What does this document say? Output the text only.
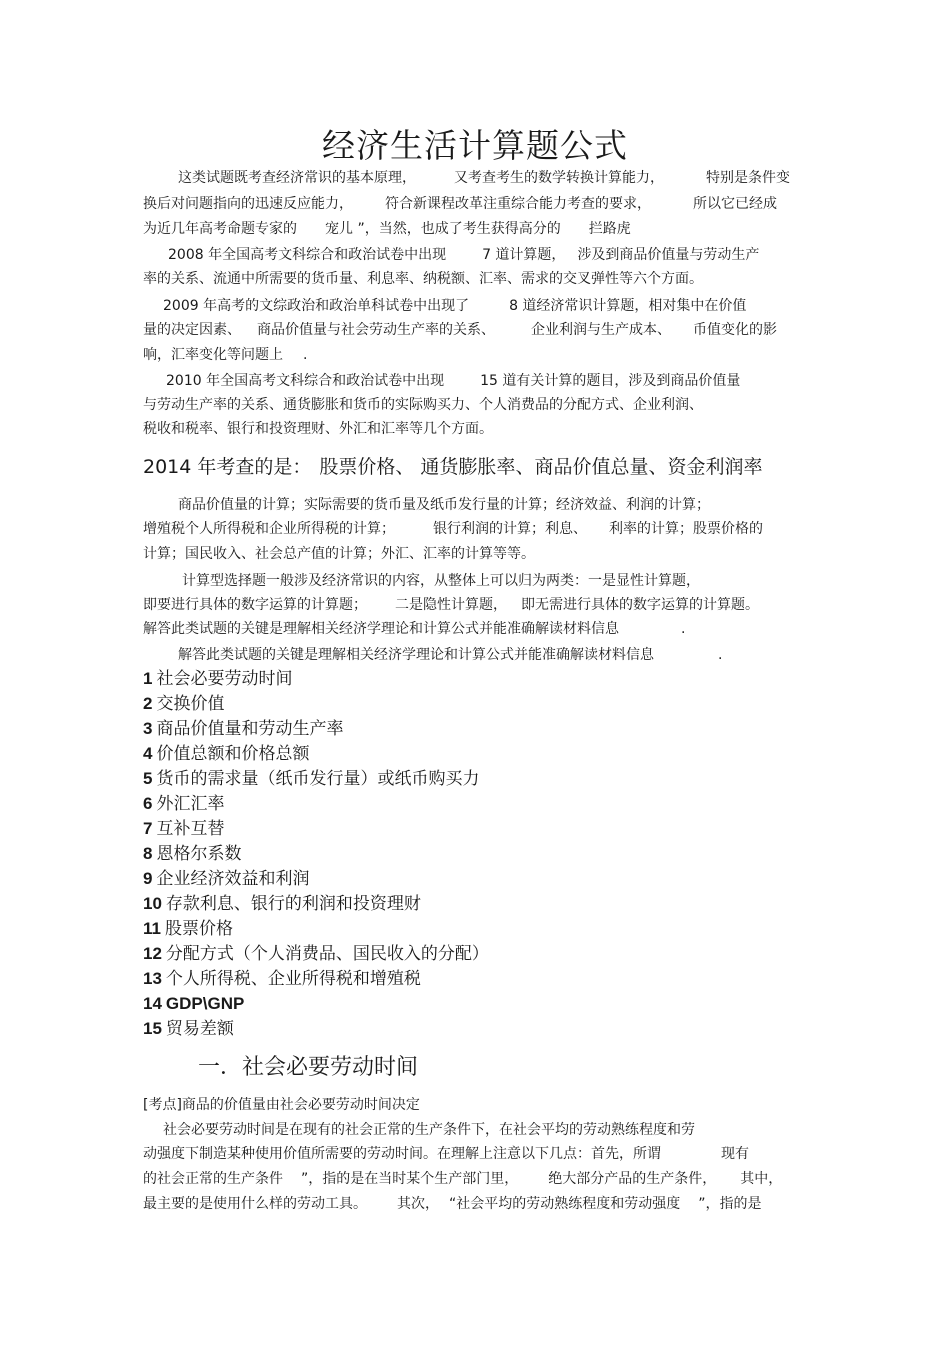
经济生活计算题公式
这类试题既考查经济常识的基本原理，	又考查考生的数学转换计算能力，	特别是条件变
换后对问题指向的迅速反应能力， 符合新课程改革注重综合能力考查的要求，	所以它已经成
为近几年高考命题专家的 宠儿 ”，当然，也成了考生获得高分的 拦路虎
2008 年全国高考文科综合和政治试卷中出现	7 道计算题， 涉及到商品价值量与劳动生产
率的关系、流通中所需要的货币量、利息率、纳税额、汇率、需求的交叉弹性等六个方面。
2009 年高考的文综政治和政治单科试卷中出现了	8 道经济常识计算题，相对集中在价值
量的决定因素、 商品价值量与社会劳动生产率的关系、	企业利润与生产成本、 币值变化的影
响，汇率变化等问题上 .
2010 年全国高考文科综合和政治试卷中出现	15 道有关计算的题目，涉及到商品价值量
与劳动生产率的关系、通货膨胀和货币的实际购买力、个人消费品的分配方式、企业利润、
税收和税率、银行和投资理财、外汇和汇率等几个方面。
2014 年考查的是： 股票价格、 通货膨胀率、商品价值总量、资金利润率
商品价值量的计算；实际需要的货币量及纸币发行量的计算；经济效益、利润的计算；
增殖税个人所得税和企业所得税的计算；	银行利润的计算；利息、 利率的计算；股票价格的
计算；国民收入、社会总产值的计算；外汇、汇率的计算等等。
计算型选择题一般涉及经济常识的内容，从整体上可以归为两类：一是显性计算题，
即要进行具体的数字运算的计算题； 二是隐性计算题， 即无需进行具体的数字运算的计算题。
解答此类试题的关键是理解相关经济学理论和计算公式并能准确解读材料信息	.
解答此类试题的关键是理解相关经济学理论和计算公式并能准确解读材料信息	.
1 社会必要劳动时间
2 交换价值
3 商品价值量和劳动生产率
4 价值总额和价格总额
5 货币的需求量（纸币发行量）或纸币购买力
6 外汇汇率
7 互补互替
8 恩格尔系数
9 企业经济效益和利润
10 存款利息、银行的利润和投资理财
11 股票价格
12 分配方式（个人消费品、国民收入的分配）
13 个人所得税、企业所得税和增殖税
14 GDP\GNP
15 贸易差额
一．社会必要劳动时间
[考点]商品的价值量由社会必要劳动时间决定
社会必要劳动时间是在现有的社会正常的生产条件下，在社会平均的劳动熟练程度和劳
动强度下制造某种使用价值所需要的劳动时间。在理解上注意以下几点：首先，所谓	现有
的社会正常的生产条件 ”，指的是在当时某个生产部门里， 绝大部分产品的生产条件， 其中，
最主要的是使用什么样的劳动工具。 其次， “社会平均的劳动熟练程度和劳动强度 ”，指的是
